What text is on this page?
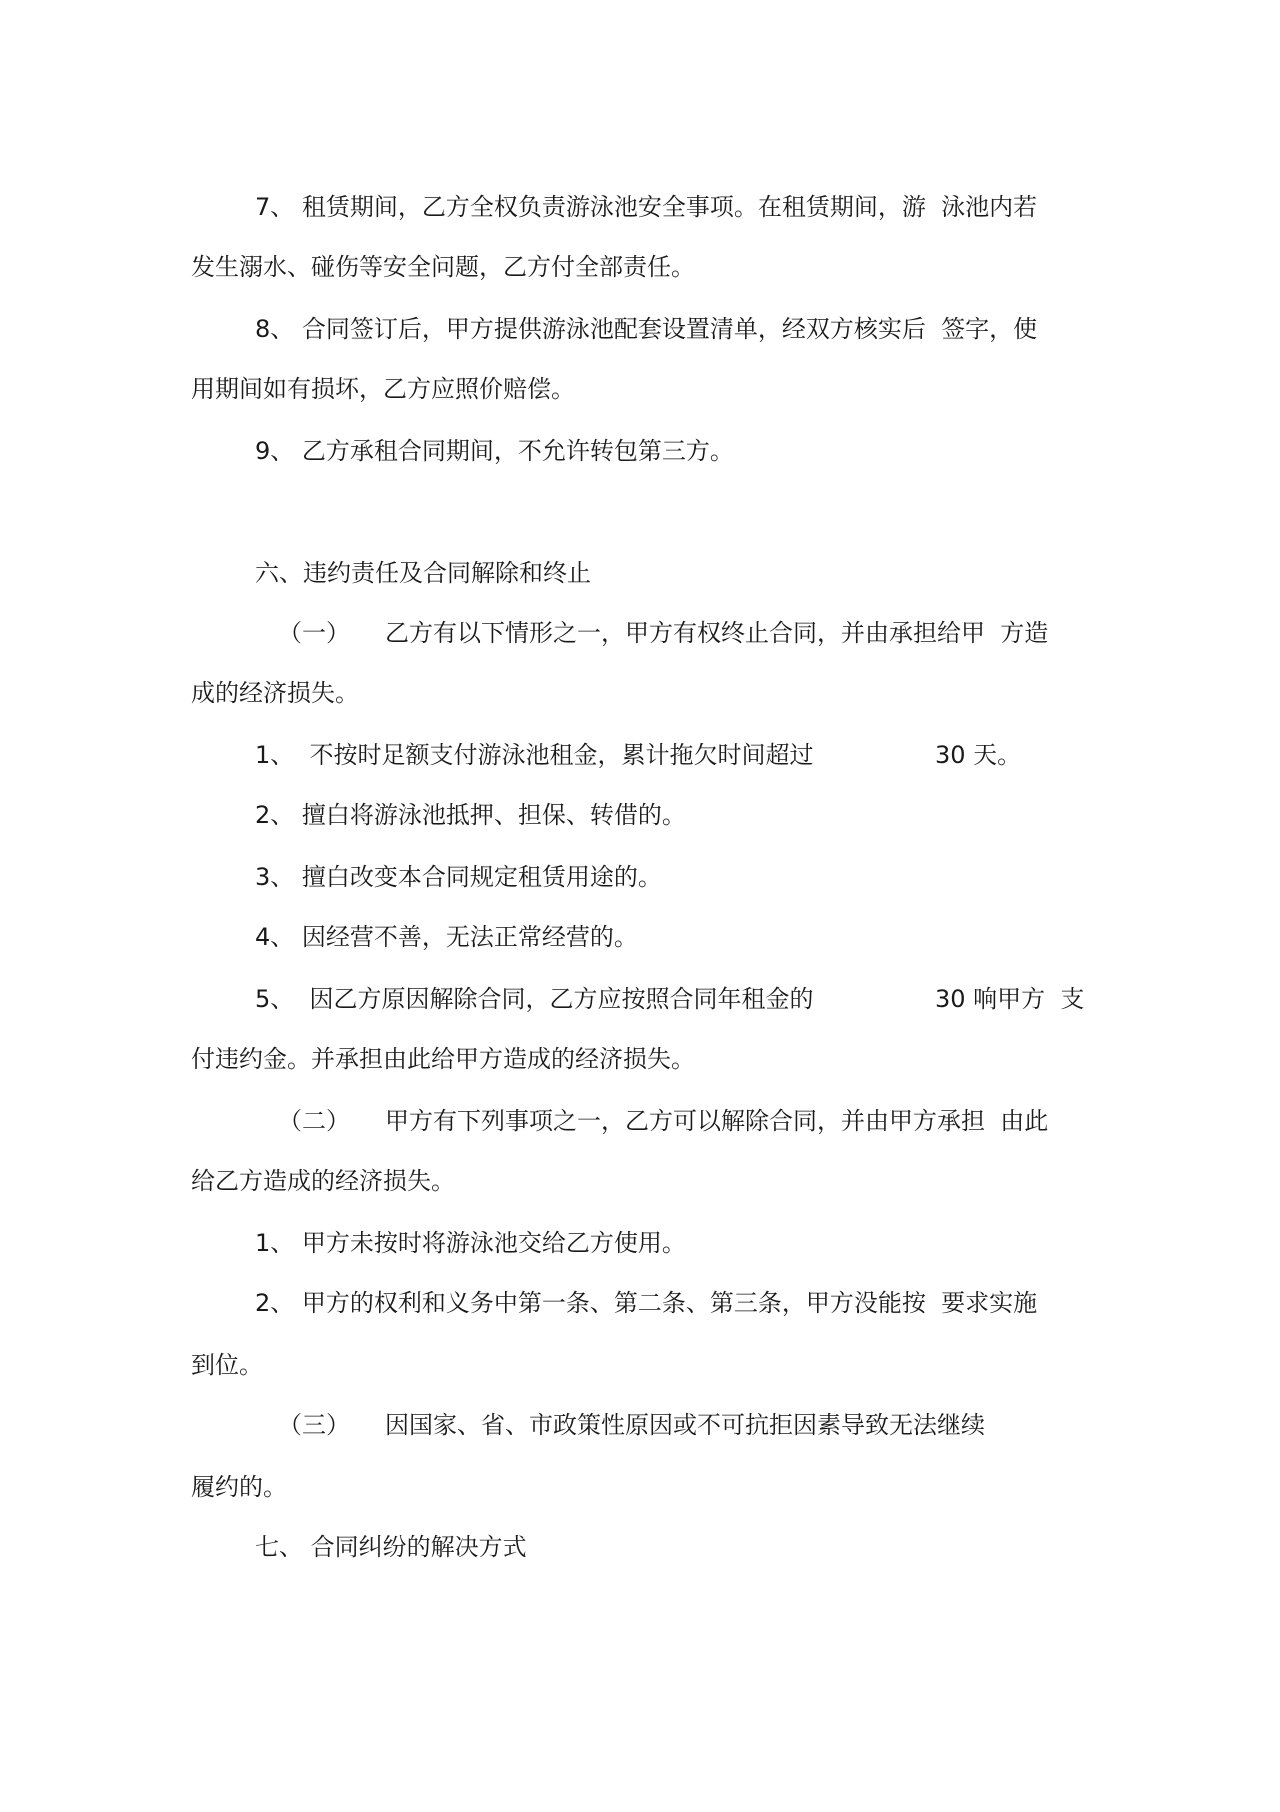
7、 租赁期间，乙方全权负责游泳池安全事项。在租赁期间，游  泳池内若
发生溺水、碰伤等安全问题，乙方付全部责任。
8、 合同签订后，甲方提供游泳池配套设置清单，经双方核实后  签字，使
用期间如有损坏，乙方应照价赔偿。
9、 乙方承租合同期间，不允许转包第三方。
六、违约责任及合同解除和终止

（一）

乙方有以下情形之一，甲方有权终止合同，并由承担给甲  方造

成的经济损失。

1、  不按时足额支付游泳池租金，累计拖欠时间超过

	30 天。

2、 擅白将游泳池抵押、担保、转借的。
3、 擅白改变本合同规定租赁用途的。
4、 因经营不善，无法正常经营的。

5、  因乙方原因解除合同，乙方应按照合同年租金的

	30 响甲方  支

付违约金。并承担由此给甲方造成的经济损失。

（二）

甲方有下列事项之一，乙方可以解除合同，并由甲方承担  由此

给乙方造成的经济损失。
1、 甲方未按时将游泳池交给乙方使用。
2、 甲方的权利和义务中第一条、第二条、第三条，甲方没能按  要求实施
到位。

（三）

因国家、省、市政策性原因或不可抗拒因素导致无法继续

履约的。
七、 合同纠纷的解决方式
